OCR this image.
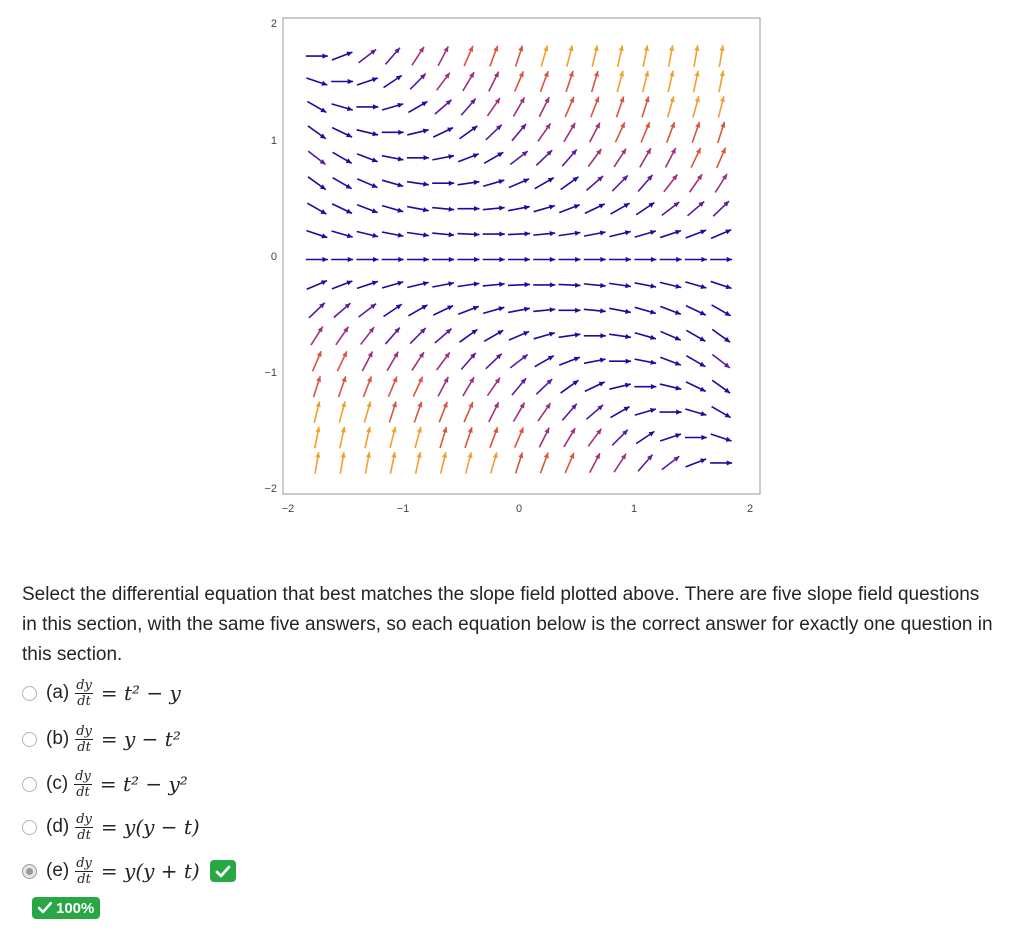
−2	−1	0	1	2
2
1
0
−1
−2

Select the differential equation that best matches the slope field plotted above. There are five slope field questions in this section, with the same five answers, so each equation below is the correct answer for exactly one question in this section.

$(a) \frac{dy}{dt} = t^2 - y$
$(b) \frac{dy}{dt} = y - t^2$
$(c) \frac{dy}{dt} = t^2 - y^2$
$(d) \frac{dy}{dt} = y(y - t)$
$(e) \frac{dy}{dt} = y(y + t)$
100%
